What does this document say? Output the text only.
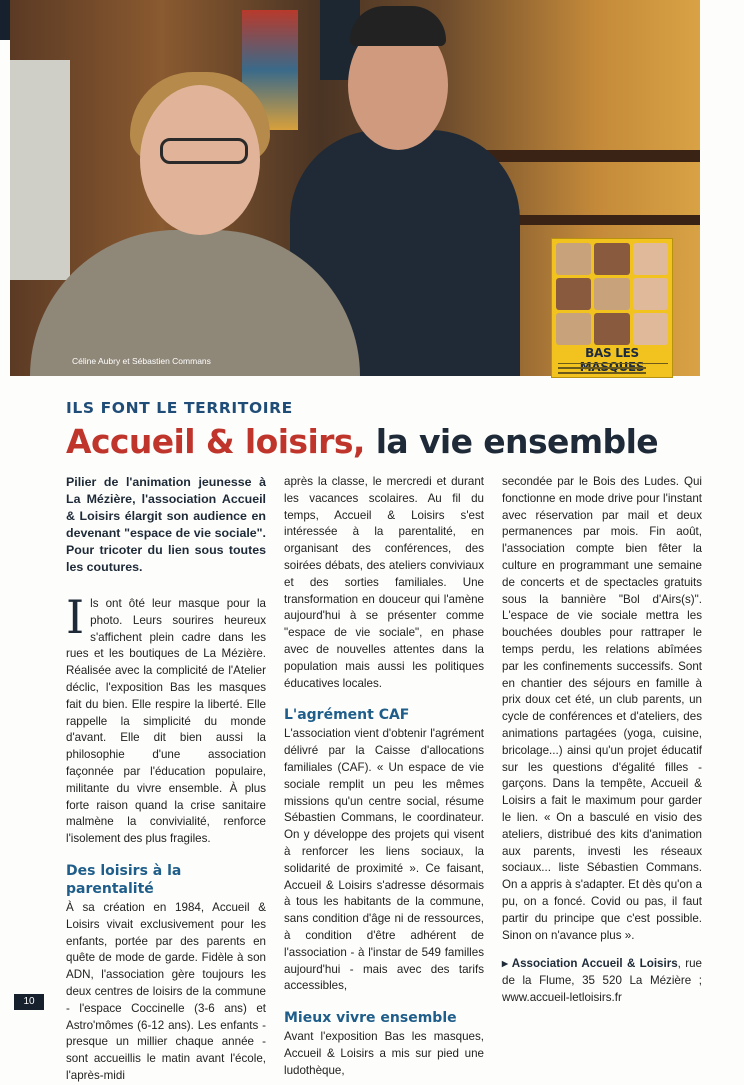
Céline Aubry et Sébastien Commans
BAS LES
ILS FONT LE TERRITOIRE
Accueil & loisirs, la vie ensemble

Pilier de l'animation jeunesse à La Mézière, l'association Accueil & Loisirs élargit son audience en devenant "espace de vie sociale". Pour tricoter du lien sous toutes les coutures.

Ils ont ôté leur masque pour la photo. Leurs sourires heureux s'affichent plein cadre dans les rues et les boutiques de La Mézière. Réalisée avec la complicité de l'Atelier déclic, l'exposition Bas les masques fait du bien. Elle respire la liberté. Elle rappelle la simplicité du monde d'avant. Elle dit bien aussi la philosophie d'une association façonnée par l'éducation populaire, militante du vivre ensemble. À plus forte raison quand la crise sanitaire malmène la convivialité, renforce l'isolement des plus fragiles.

Des loisirs à la parentalité

À sa création en 1984, Accueil & Loisirs vivait exclusivement pour les enfants, portée par des parents en quête de mode de garde. Fidèle à son ADN, l'association gère toujours les deux centres de loisirs de la commune - l'espace Coccinelle (3-6 ans) et Astro'mômes (6-12 ans). Les enfants - presque un millier chaque année - sont accueillis le matin avant l'école, l'après-midi

après la classe, le mercredi et durant les vacances scolaires. Au fil du temps, Accueil & Loisirs s'est intéressée à la parentalité, en organisant des conférences, des soirées débats, des ateliers conviviaux et des sorties familiales. Une transformation en douceur qui l'amène aujourd'hui à se présenter comme "espace de vie sociale", en phase avec de nouvelles attentes dans la population mais aussi les politiques éducatives locales.

L'agrément CAF

L'association vient d'obtenir l'agrément délivré par la Caisse d'allocations familiales (CAF). « Un espace de vie sociale remplit un peu les mêmes missions qu'un centre social, résume Sébastien Commans, le coordinateur. On y développe des projets qui visent à renforcer les liens sociaux, la solidarité de proximité ». Ce faisant, Accueil & Loisirs s'adresse désormais à tous les habitants de la commune, sans condition d'âge ni de ressources, à condition d'être adhérent de l'association - à l'instar de 549 familles aujourd'hui - mais avec des tarifs accessibles,

Mieux vivre ensemble

Avant l'exposition Bas les masques, Accueil & Loisirs a mis sur pied une ludothèque,

secondée par le Bois des Ludes. Qui fonctionne en mode drive pour l'instant avec réservation par mail et deux permanences par mois. Fin août, l'association compte bien fêter la culture en programmant une semaine de concerts et de spectacles gratuits sous la bannière "Bol d'Airs(s)". L'espace de vie sociale mettra les bouchées doubles pour rattraper le temps perdu, les relations abîmées par les confinements successifs. Sont en chantier des séjours en famille à prix doux cet été, un club parents, un cycle de conférences et d'ateliers, des animations partagées (yoga, cuisine, bricolage...) ainsi qu'un projet éducatif sur les questions d'égalité filles - garçons. Dans la tempête, Accueil & Loisirs a fait le maximum pour garder le lien. « On a basculé en visio des ateliers, distribué des kits d'animation aux parents, investi les réseaux sociaux... liste Sébastien Commans. On a appris à s'adapter. Et dès qu'on a pu, on a foncé. Covid ou pas, il faut partir du principe que c'est possible. Sinon on n'avance plus ».

▸ Association Accueil & Loisirs, rue de la Flume, 35 520 La Mézière ; www.accueil-letloisirs.fr

10
